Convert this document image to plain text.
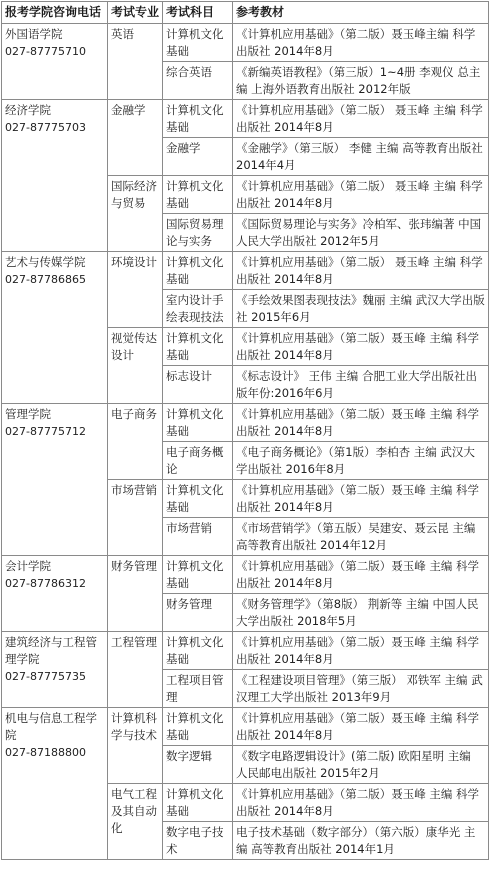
报考学院咨询电话	考试专业	考试科目	参考教材

外国语学院
027-87775710	英语	计算机文化基础	《计算机应用基础》（第二版）聂玉峰主编 科学出版社 2014年8月
		综合英语	《新编英语教程》（第三版）1~4册 李观仪 总主编 上海外语教育出版社 2012年版

经济学院
027-87775703	金融学	计算机文化基础	《计算机应用基础》（第二版） 聂玉峰 主编 科学出版社 2014年8月
		金融学	《金融学》（第三版） 李健 主编 高等教育出版社 2014年4月
	国际经济与贸易	计算机文化基础	《计算机应用基础》（第二版） 聂玉峰 主编 科学出版社 2014年8月
		国际贸易理论与实务	《国际贸易理论与实务》冷柏军、张玮编著 中国人民大学出版社 2012年5月

艺术与传媒学院
027-87786865	环境设计	计算机文化基础	《计算机应用基础》（第二版） 聂玉峰 主编 科学出版社 2014年8月
		室内设计手绘表现技法	《手绘效果图表现技法》魏丽 主编 武汉大学出版社 2015年6月
	视觉传达设计	计算机文化基础	《计算机应用基础》（第二版）聂玉峰 主编 科学出版社 2014年8月
		标志设计	《标志设计》 王伟 主编 合肥工业大学出版社出版年份:2016年6月

管理学院
027-87775712	电子商务	计算机文化基础	《计算机应用基础》（第二版）聂玉峰 主编 科学出版社 2014年8月
		电子商务概论	《电子商务概论》（第1版）李柏杏 主编 武汉大学出版社 2016年8月
	市场营销	计算机文化基础	《计算机应用基础》（第二版）聂玉峰 主编 科学出版社 2014年8月
		市场营销	《市场营销学》（第五版）吴建安、聂云昆 主编 高等教育出版社 2014年12月

会计学院
027-87786312	财务管理	计算机文化基础	《计算机应用基础》（第二版）聂玉峰 主编 科学出版社 2014年8月
		财务管理	《财务管理学》（第8版） 荆新等 主编 中国人民大学出版社 2018年5月

建筑经济与工程管理学院
027-87775735	工程管理	计算机文化基础	《计算机应用基础》（第二版）聂玉峰 主编 科学出版社 2014年8月
		工程项目管理	《工程建设项目管理》（第三版） 邓铁军 主编 武汉理工大学出版社 2013年9月

机电与信息工程学院
027-87188800	计算机科学与技术	计算机文化基础	《计算机应用基础》（第二版）聂玉峰 主编 科学出版社 2014年8月
		数字逻辑	《数字电路逻辑设计》(第二版) 欧阳星明 主编 人民邮电出版社 2015年2月
	电气工程及其自动化	计算机文化基础	《计算机应用基础》（第二版）聂玉峰 主编 科学出版社 2014年8月
		数字电子技术	电子技术基础（数字部分）（第六版）康华光 主编 高等教育出版社 2014年1月
